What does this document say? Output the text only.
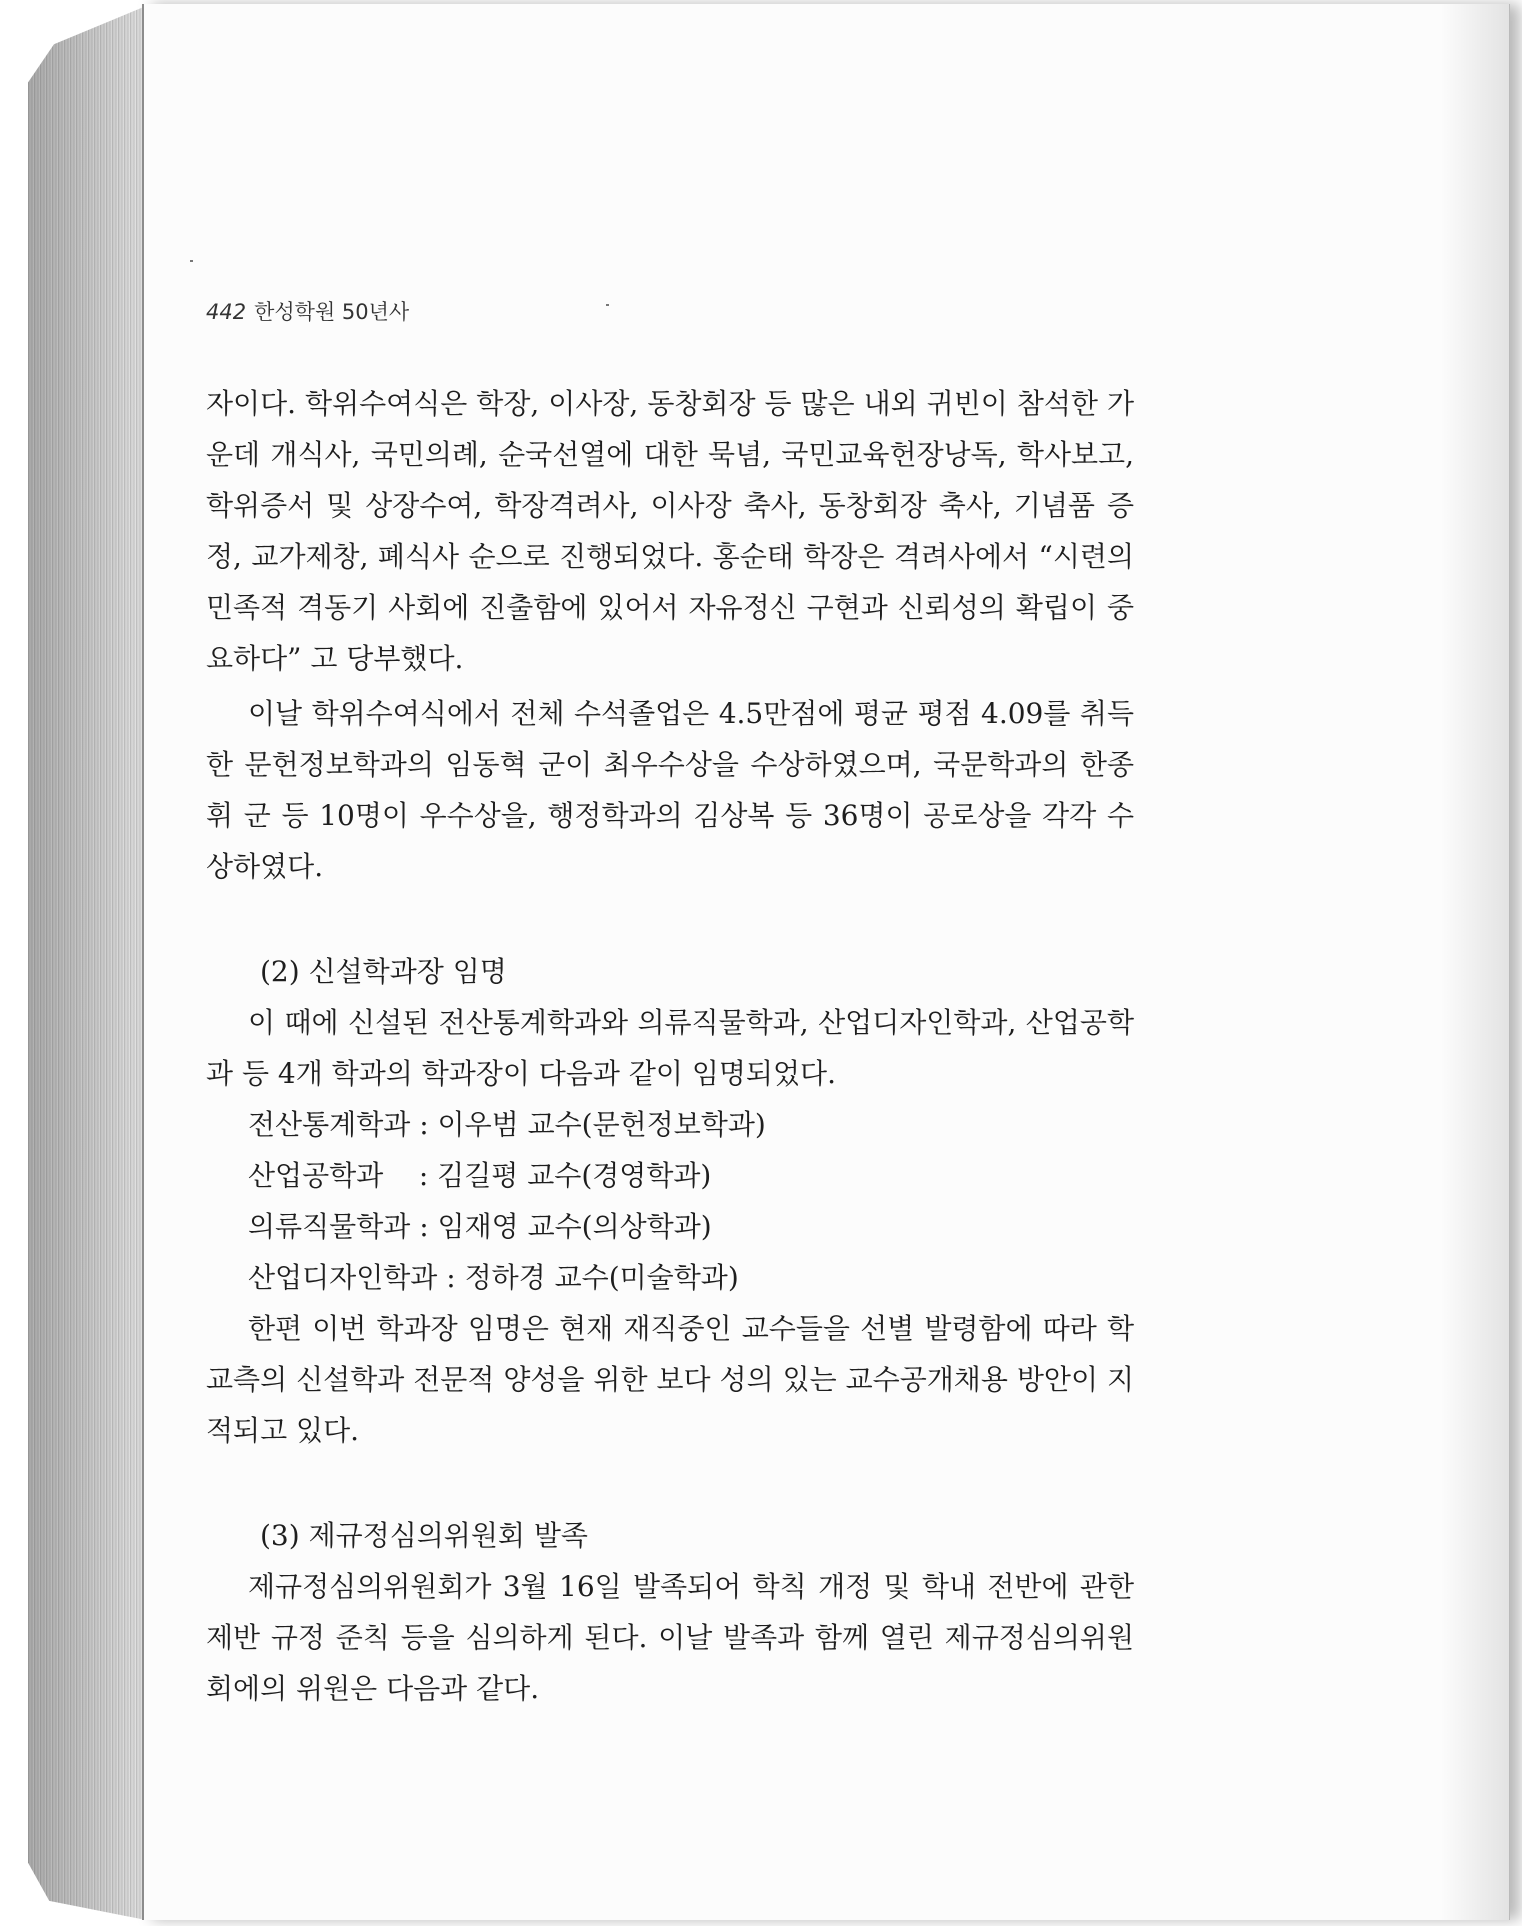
442 한성학원 50년사

자이다. 학위수여식은 학장, 이사장, 동창회장 등 많은 내외 귀빈이 참석한 가운데 개식사, 국민의례, 순국선열에 대한 묵념, 국민교육헌장낭독, 학사보고, 학위증서 및 상장수여, 학장격려사, 이사장 축사, 동창회장 축사, 기념품 증정, 교가제창, 폐식사 순으로 진행되었다. 홍순태 학장은 격려사에서 “시련의 민족적 격동기 사회에 진출함에 있어서 자유정신 구현과 신뢰성의 확립이 중요하다” 고 당부했다.

이날 학위수여식에서 전체 수석졸업은 4.5만점에 평균 평점 4.09를 취득한 문헌정보학과의 임동혁 군이 최우수상을 수상하였으며, 국문학과의 한종휘 군 등 10명이 우수상을, 행정학과의 김상복 등 36명이 공로상을 각각 수상하였다.

(2) 신설학과장 임명

이 때에 신설된 전산통계학과와 의류직물학과, 산업디자인학과, 산업공학과 등 4개 학과의 학과장이 다음과 같이 임명되었다.

전산통계학과 : 이우범 교수(문헌정보학과)

산업공학과    : 김길평 교수(경영학과)

의류직물학과 : 임재영 교수(의상학과)

산업디자인학과 : 정하경 교수(미술학과)

한편 이번 학과장 임명은 현재 재직중인 교수들을 선별 발령함에 따라 학교측의 신설학과 전문적 양성을 위한 보다 성의 있는 교수공개채용 방안이 지적되고 있다.

(3) 제규정심의위원회 발족

제규정심의위원회가 3월 16일 발족되어 학칙 개정 및 학내 전반에 관한 제반 규정 준칙 등을 심의하게 된다. 이날 발족과 함께 열린 제규정심의위원회에의 위원은 다음과 같다.
